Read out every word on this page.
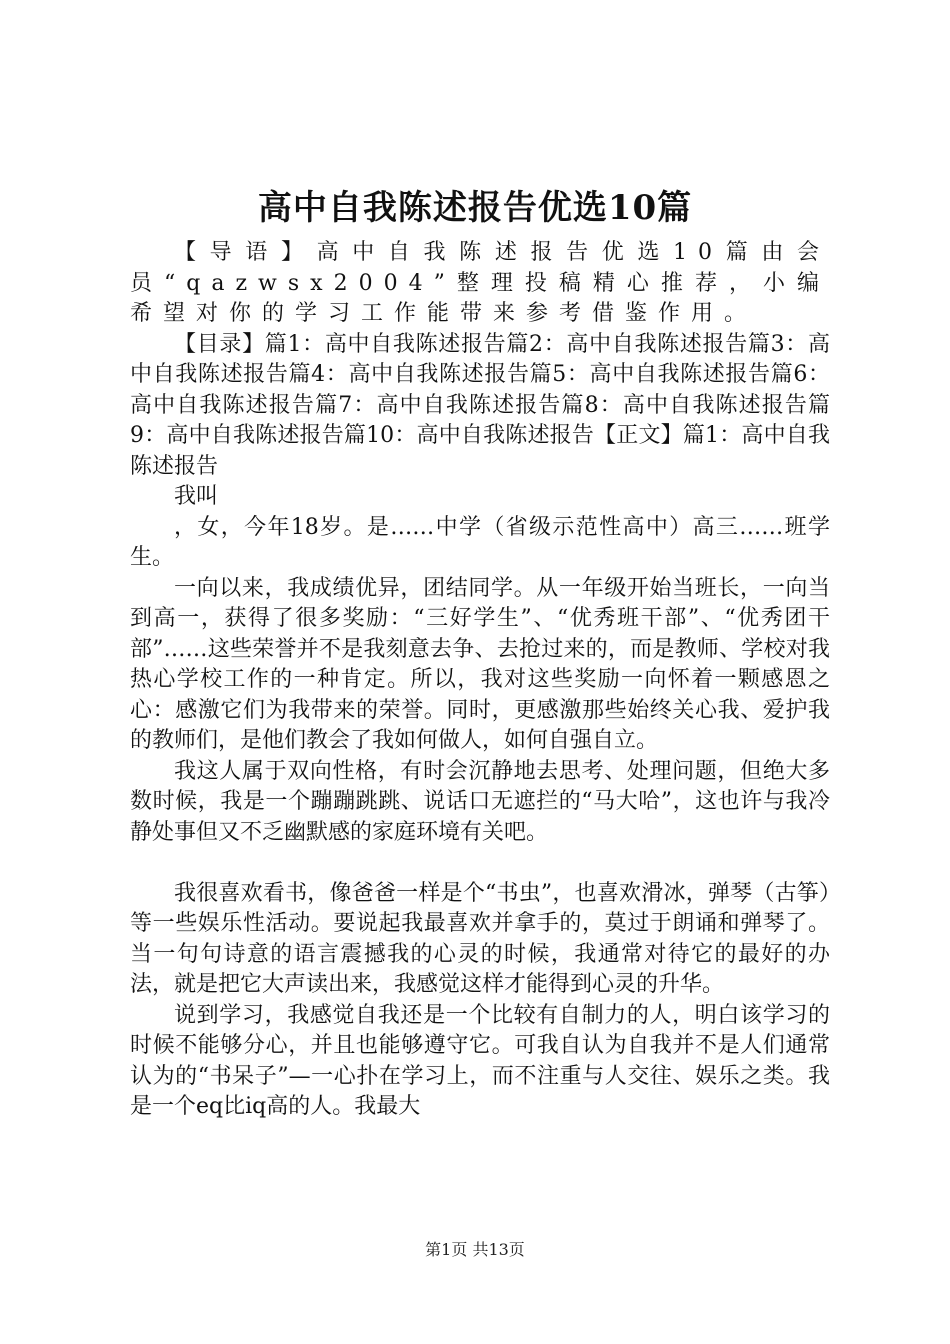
高中自我陈述报告优选10篇

【导语】高中自我陈述报告优选10篇由会员“qazwsx2004”整理投稿精心推荐，小编希望对你的学习工作能带来参考借鉴作用。

【目录】篇1：高中自我陈述报告篇2：高中自我陈述报告篇3：高中自我陈述报告篇4：高中自我陈述报告篇5：高中自我陈述报告篇6：高中自我陈述报告篇7：高中自我陈述报告篇8：高中自我陈述报告篇9：高中自我陈述报告篇10：高中自我陈述报告【正文】篇1：高中自我陈述报告

我叫

，女，今年18岁。是……中学（省级示范性高中）高三……班学生。

一向以来，我成绩优异，团结同学。从一年级开始当班长，一向当到高一，获得了很多奖励：“三好学生”、“优秀班干部”、“优秀团干部”……这些荣誉并不是我刻意去争、去抢过来的，而是教师、学校对我热心学校工作的一种肯定。所以，我对这些奖励一向怀着一颗感恩之心：感激它们为我带来的荣誉。同时，更感激那些始终关心我、爱护我的教师们，是他们教会了我如何做人，如何自强自立。

我这人属于双向性格，有时会沉静地去思考、处理问题，但绝大多数时候，我是一个蹦蹦跳跳、说话口无遮拦的“马大哈”，这也许与我冷静处事但又不乏幽默感的家庭环境有关吧。

我很喜欢看书，像爸爸一样是个“书虫”，也喜欢滑冰，弹琴（古筝）等一些娱乐性活动。要说起我最喜欢并拿手的，莫过于朗诵和弹琴了。当一句句诗意的语言震撼我的心灵的时候，我通常对待它的最好的办法，就是把它大声读出来，我感觉这样才能得到心灵的升华。

说到学习，我感觉自我还是一个比较有自制力的人，明白该学习的时候不能够分心，并且也能够遵守它。可我自认为自我并不是人们通常认为的“书呆子”—一心扑在学习上，而不注重与人交往、娱乐之类。我是一个eq比iq高的人。我最大

第1页 共13页
